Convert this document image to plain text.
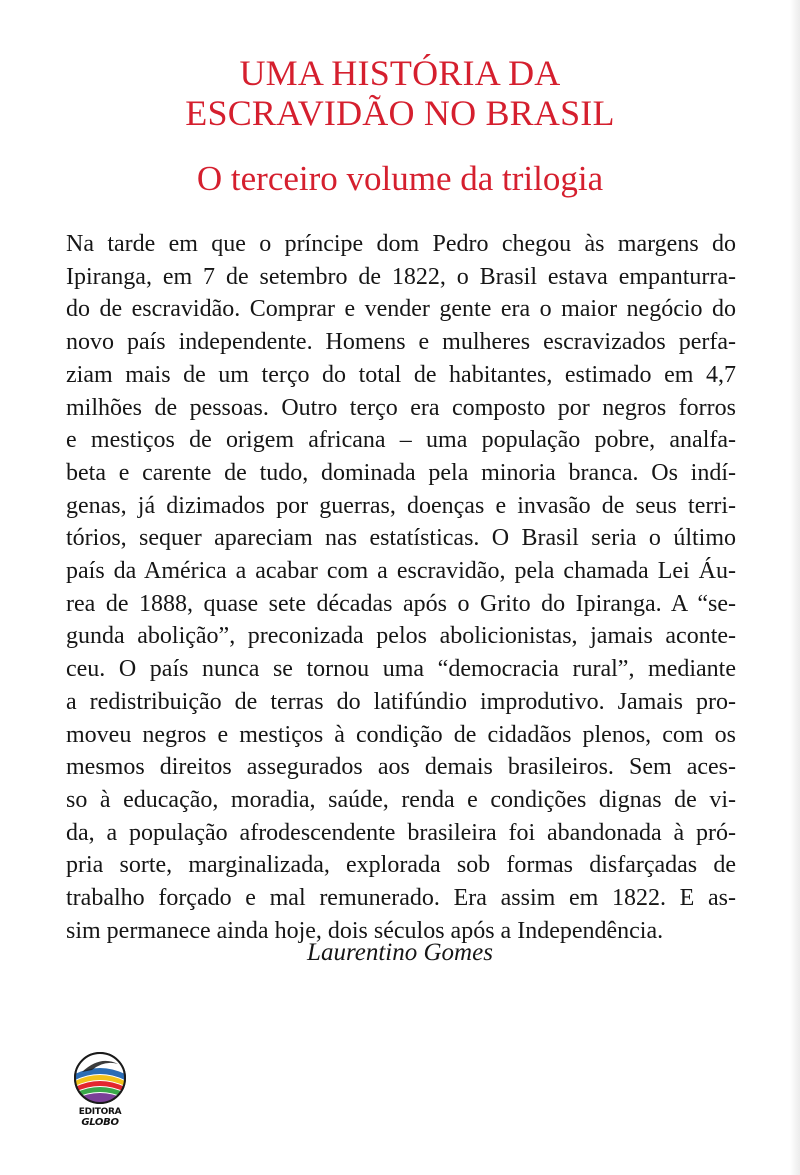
UMA HISTÓRIA DA
ESCRAVIDÃO NO BRASIL
O terceiro volume da trilogia
Na tarde em que o príncipe dom Pedro chegou às margens do
Ipiranga, em 7 de setembro de 1822, o Brasil estava empanturra-
do de escravidão. Comprar e vender gente era o maior negócio do
novo país independente. Homens e mulheres escravizados perfa-
ziam mais de um terço do total de habitantes, estimado em 4,7
milhões de pessoas. Outro terço era composto por negros forros
e mestiços de origem africana – uma população pobre, analfa-
beta e carente de tudo, dominada pela minoria branca. Os indí-
genas, já dizimados por guerras, doenças e invasão de seus terri-
tórios, sequer apareciam nas estatísticas. O Brasil seria o último
país da América a acabar com a escravidão, pela chamada Lei Áu-
rea de 1888, quase sete décadas após o Grito do Ipiranga. A “se-
gunda abolição”, preconizada pelos abolicionistas, jamais aconte-
ceu. O país nunca se tornou uma “democracia rural”, mediante
a redistribuição de terras do latifúndio improdutivo. Jamais pro-
moveu negros e mestiços à condição de cidadãos plenos, com os
mesmos direitos assegurados aos demais brasileiros. Sem aces-
so à educação, moradia, saúde, renda e condições dignas de vi-
da, a população afrodescendente brasileira foi abandonada à pró-
pria sorte, marginalizada, explorada sob formas disfarçadas de
trabalho forçado e mal remunerado. Era assim em 1822. E as-
sim permanece ainda hoje, dois séculos após a Independência.

Laurentino Gomes

EDITORA
GLOBO
